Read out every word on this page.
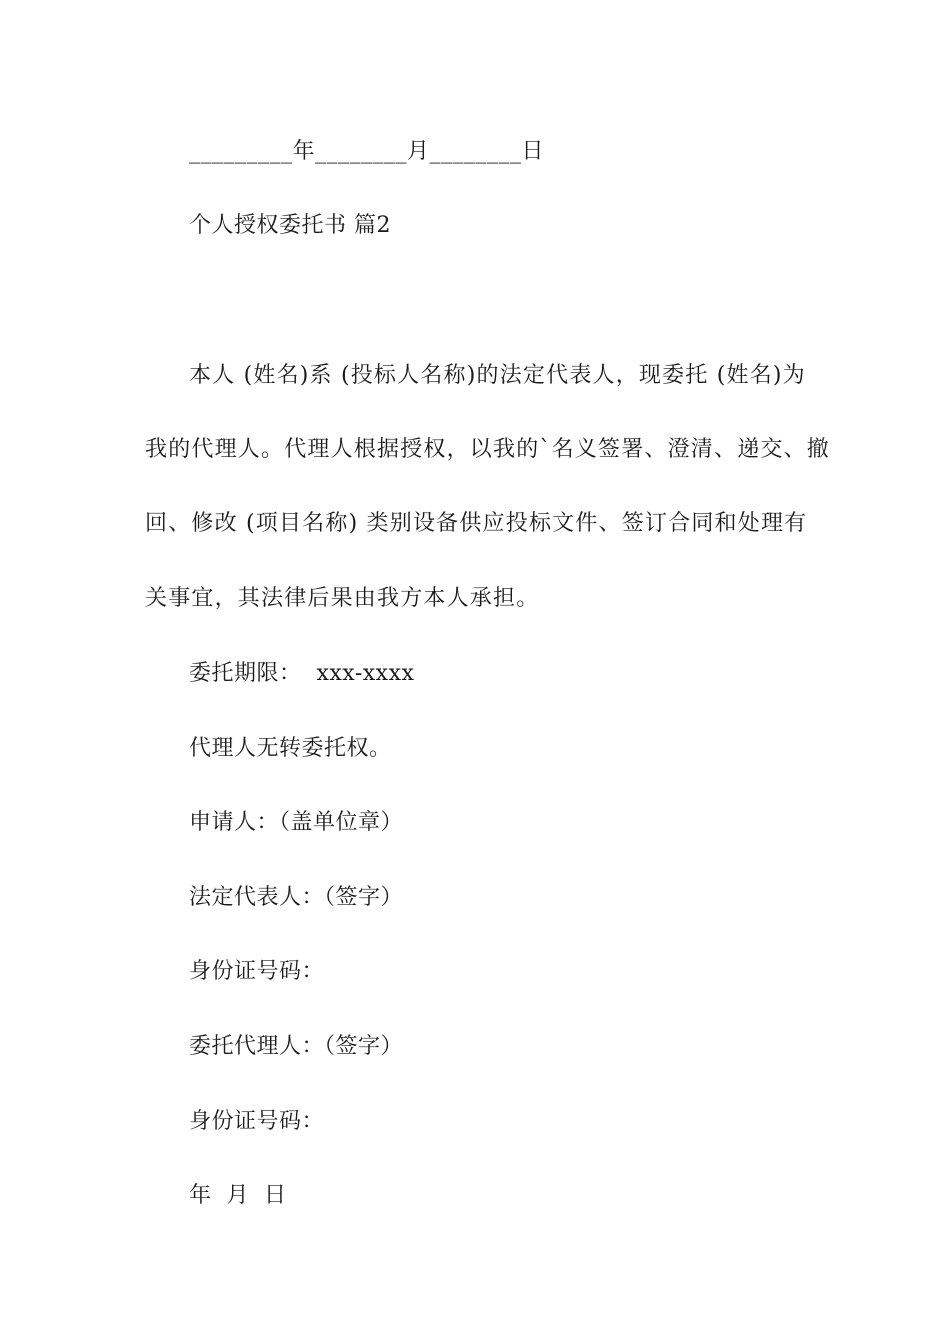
_________年________月________日
个人授权委托书 篇2
本人 (姓名)系 (投标人名称)的法定代表人，现委托 (姓名)为
我的代理人。代理人根据授权，以我的`名义签署、澄清、递交、撤
回、修改 (项目名称) 类别设备供应投标文件、签订合同和处理有
关事宜，其法律后果由我方本人承担。
委托期限：  xxx-xxxx
代理人无转委托权。
申请人：（盖单位章）
法定代表人：（签字）
身份证号码：
委托代理人：（签字）
身份证号码：
年  月  日
